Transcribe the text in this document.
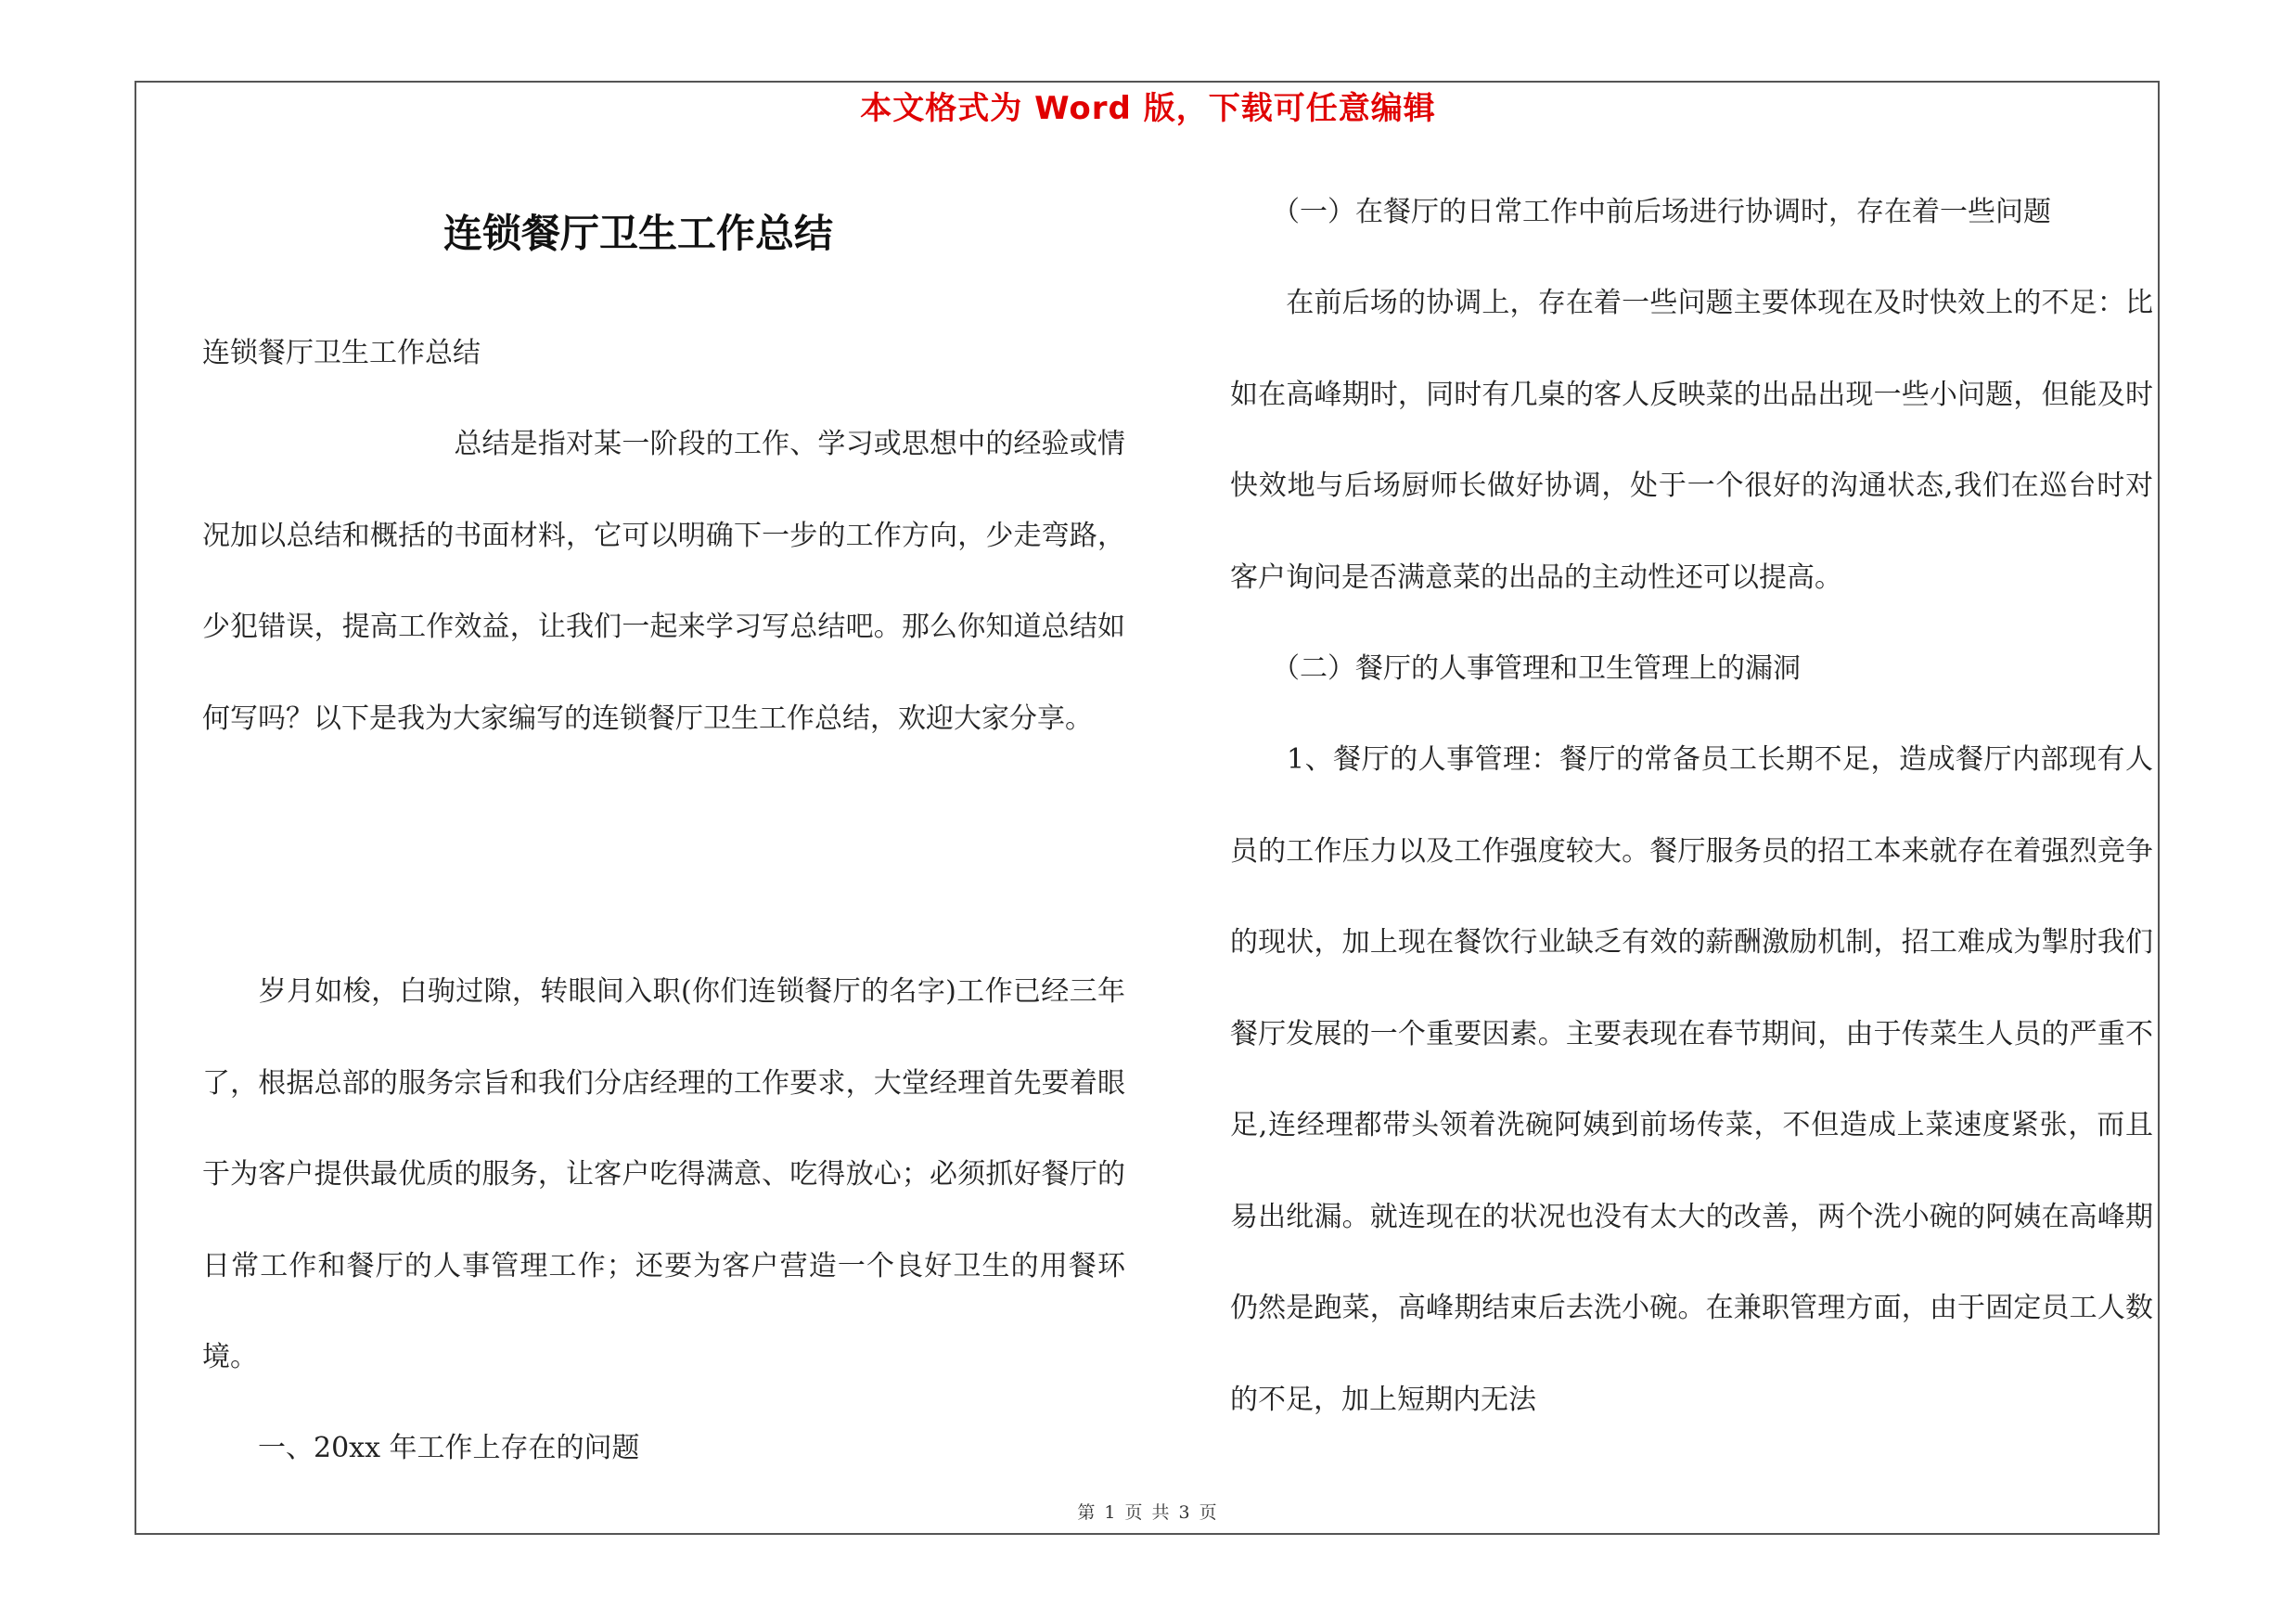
本文格式为 Word 版，下载可任意编辑
连锁餐厅卫生工作总结

连锁餐厅卫生工作总结

　　　　　　　　　总结是指对某一阶段的工作、学习或思想中的经验或情况加以总结和概括的书面材料，它可以明确下一步的工作方向，少走弯路，少犯错误，提高工作效益，让我们一起来学习写总结吧。那么你知道总结如何写吗？以下是我为大家编写的连锁餐厅卫生工作总结，欢迎大家分享。

　　岁月如梭，白驹过隙，转眼间入职(你们连锁餐厅的名字)工作已经三年了，根据总部的服务宗旨和我们分店经理的工作要求，大堂经理首先要着眼于为客户提供最优质的服务，让客户吃得满意、吃得放心；必须抓好餐厅的日常工作和餐厅的人事管理工作；还要为客户营造一个良好卫生的用餐环境。

　　一、20xx 年工作上存在的问题

　　（一）在餐厅的日常工作中前后场进行协调时，存在着一些问题

　　在前后场的协调上，存在着一些问题主要体现在及时快效上的不足：比如在高峰期时，同时有几桌的客人反映菜的出品出现一些小问题，但能及时快效地与后场厨师长做好协调，处于一个很好的沟通状态,我们在巡台时对客户询问是否满意菜的出品的主动性还可以提高。

　　（二）餐厅的人事管理和卫生管理上的漏洞

　　1、餐厅的人事管理：餐厅的常备员工长期不足，造成餐厅内部现有人员的工作压力以及工作强度较大。餐厅服务员的招工本来就存在着强烈竞争的现状，加上现在餐饮行业缺乏有效的薪酬激励机制，招工难成为掣肘我们餐厅发展的一个重要因素。主要表现在春节期间，由于传菜生人员的严重不足,连经理都带头领着洗碗阿姨到前场传菜，不但造成上菜速度紧张，而且易出纰漏。就连现在的状况也没有太大的改善，两个洗小碗的阿姨在高峰期仍然是跑菜，高峰期结束后去洗小碗。在兼职管理方面，由于固定员工人数的不足，加上短期内无法

第 1 页 共 3 页
